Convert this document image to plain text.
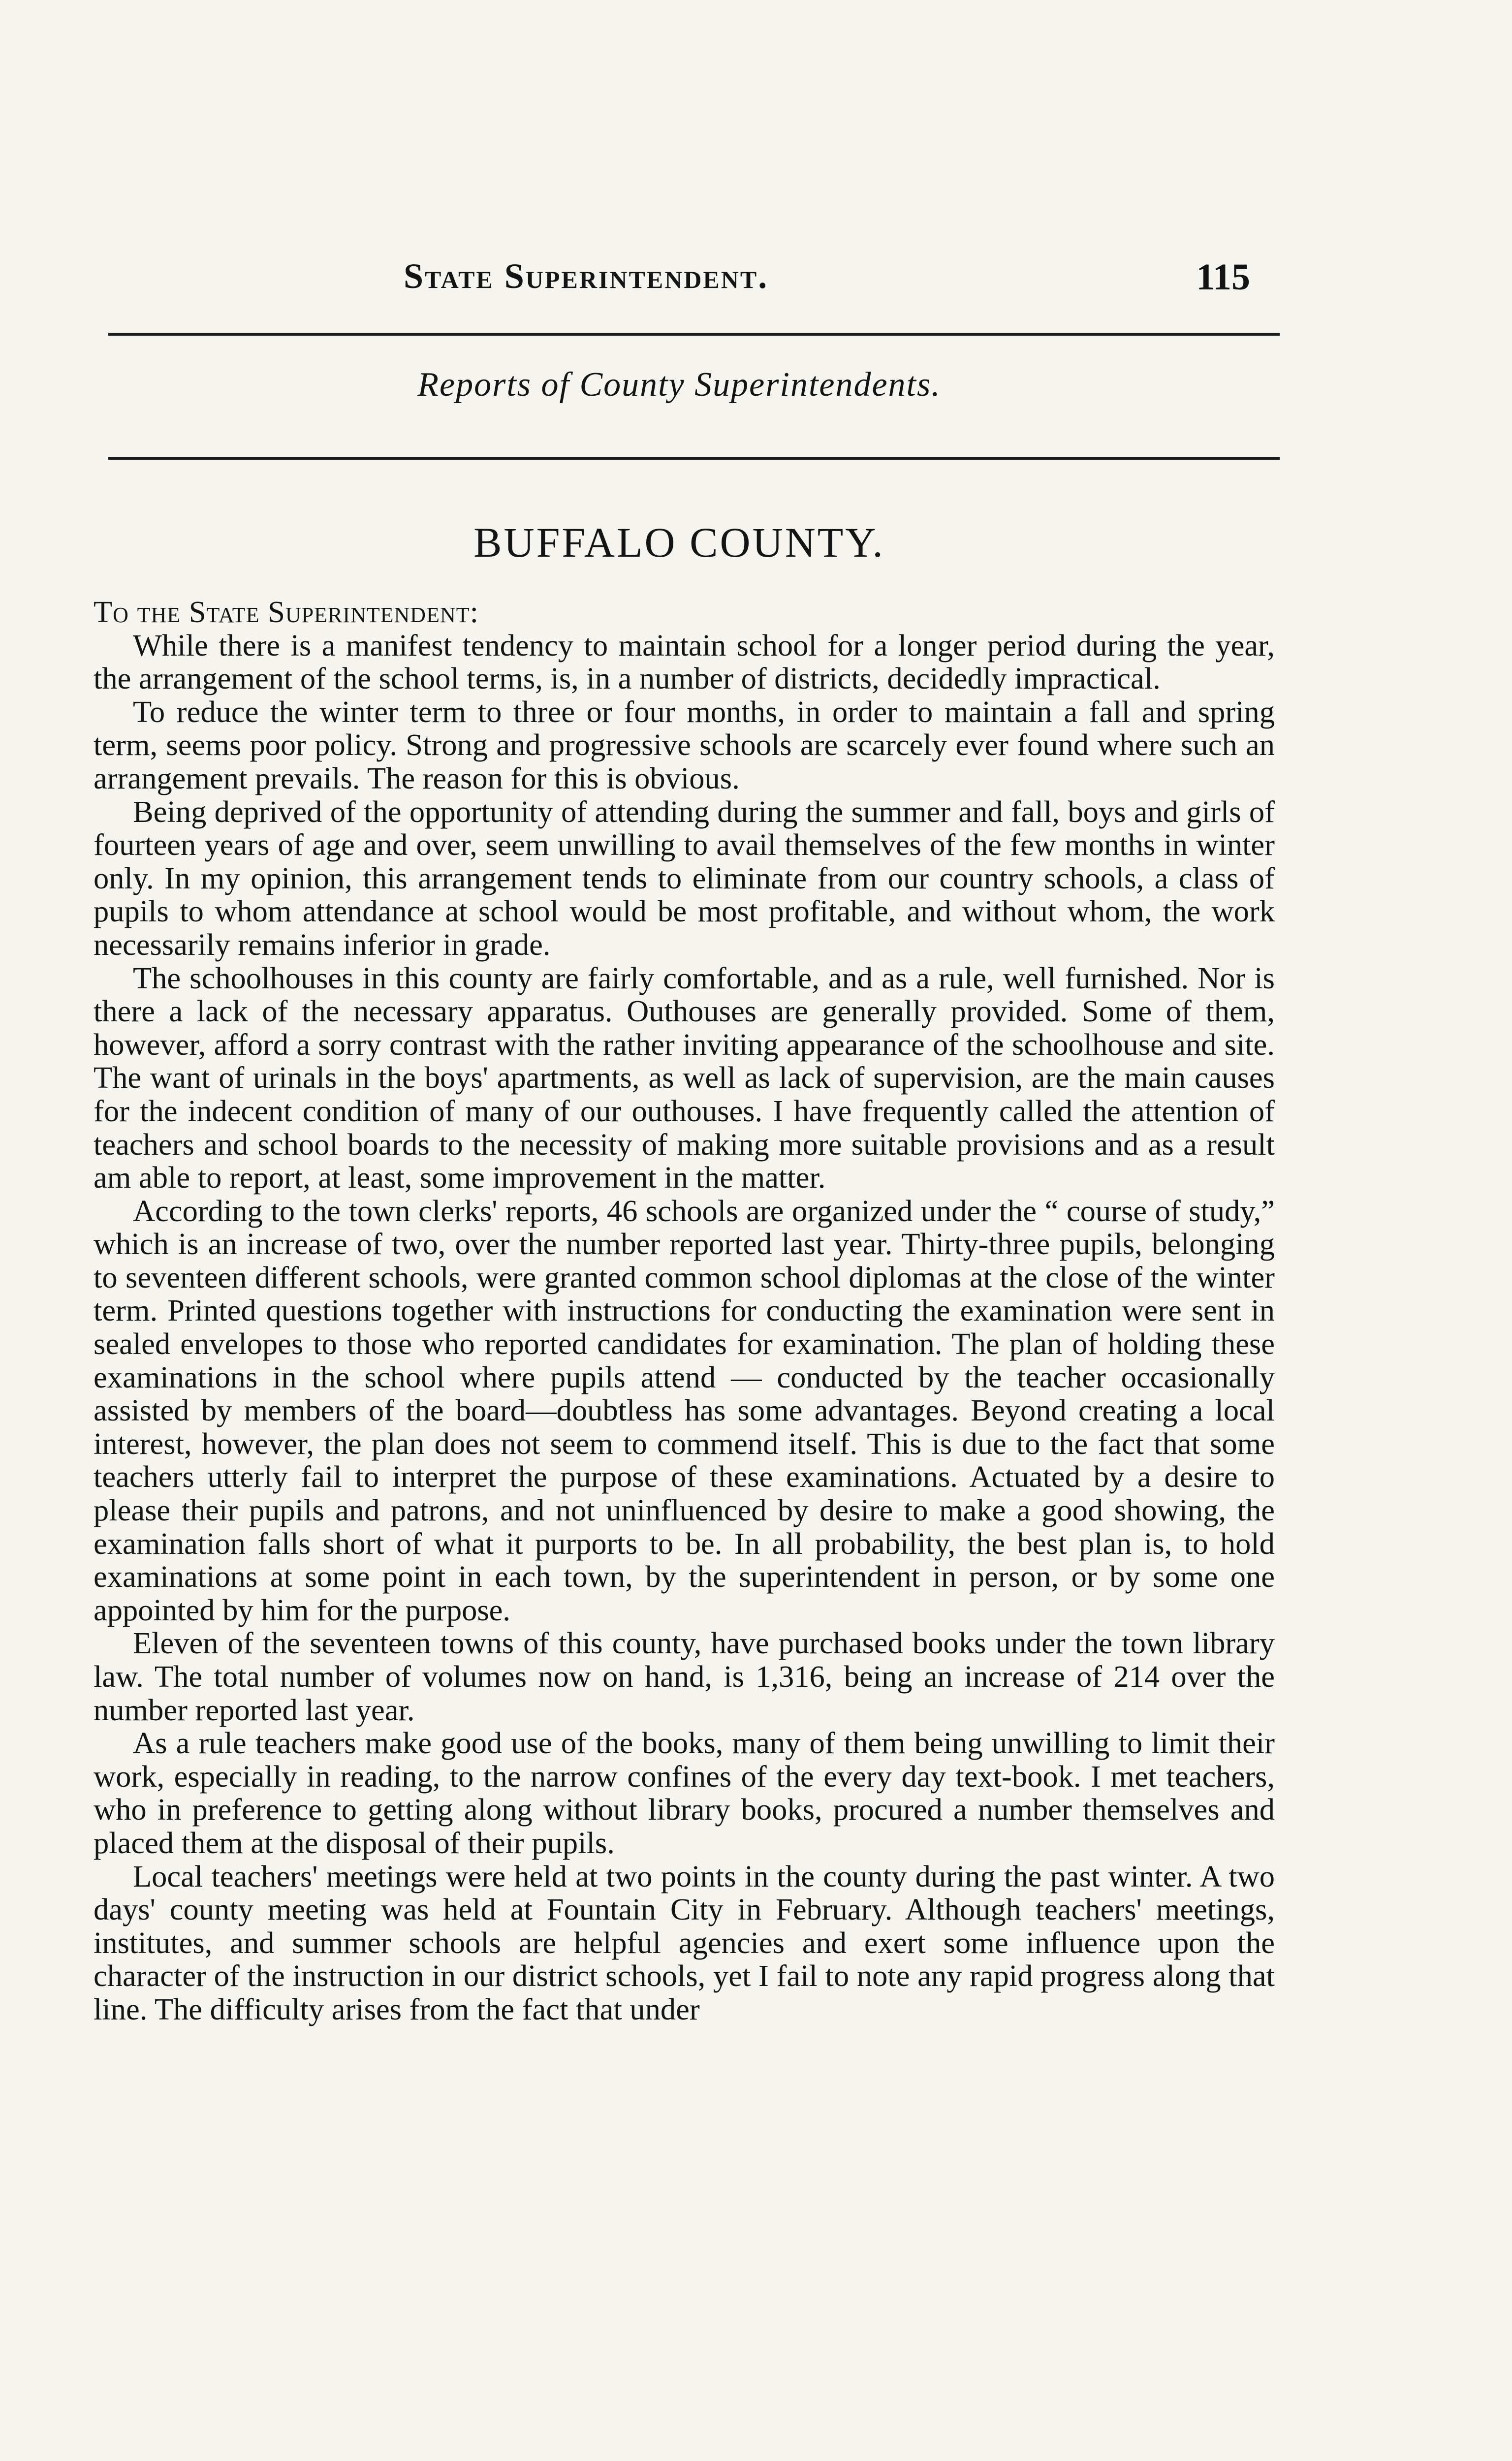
State Superintendent.	115
Reports of County Superintendents.
BUFFALO COUNTY.

To the State Superintendent:

While there is a manifest tendency to maintain school for a longer period during the year, the arrangement of the school terms, is, in a number of districts, decidedly impractical.

To reduce the winter term to three or four months, in order to maintain a fall and spring term, seems poor policy. Strong and progressive schools are scarcely ever found where such an arrangement prevails. The reason for this is obvious.

Being deprived of the opportunity of attending during the summer and fall, boys and girls of fourteen years of age and over, seem unwilling to avail themselves of the few months in winter only. In my opinion, this arrangement tends to eliminate from our country schools, a class of pupils to whom attendance at school would be most profitable, and without whom, the work necessarily remains inferior in grade.

The schoolhouses in this county are fairly comfortable, and as a rule, well furnished. Nor is there a lack of the necessary apparatus. Outhouses are generally provided. Some of them, however, afford a sorry contrast with the rather inviting appearance of the schoolhouse and site. The want of urinals in the boys' apartments, as well as lack of supervision, are the main causes for the indecent condition of many of our outhouses. I have frequently called the attention of teachers and school boards to the necessity of making more suitable provisions and as a result am able to report, at least, some improvement in the matter.

According to the town clerks' reports, 46 schools are organized under the “ course of study,” which is an increase of two, over the number reported last year. Thirty-three pupils, belonging to seventeen different schools, were granted common school diplomas at the close of the winter term. Printed questions together with instructions for conducting the examination were sent in sealed envelopes to those who reported candidates for examination. The plan of holding these examinations in the school where pupils attend — conducted by the teacher occasionally assisted by members of the board—doubtless has some advantages. Beyond creating a local interest, however, the plan does not seem to commend itself. This is due to the fact that some teachers utterly fail to interpret the purpose of these examinations. Actuated by a desire to please their pupils and patrons, and not uninfluenced by desire to make a good showing, the examination falls short of what it purports to be. In all probability, the best plan is, to hold examinations at some point in each town, by the superintendent in person, or by some one appointed by him for the purpose.

Eleven of the seventeen towns of this county, have purchased books under the town library law. The total number of volumes now on hand, is 1,316, being an increase of 214 over the number reported last year.

As a rule teachers make good use of the books, many of them being unwilling to limit their work, especially in reading, to the narrow confines of the every day text-book. I met teachers, who in preference to getting along without library books, procured a number themselves and placed them at the disposal of their pupils.

Local teachers' meetings were held at two points in the county during the past winter. A two days' county meeting was held at Fountain City in February. Although teachers' meetings, institutes, and summer schools are helpful agencies and exert some influence upon the character of the instruction in our district schools, yet I fail to note any rapid progress along that line. The difficulty arises from the fact that under
